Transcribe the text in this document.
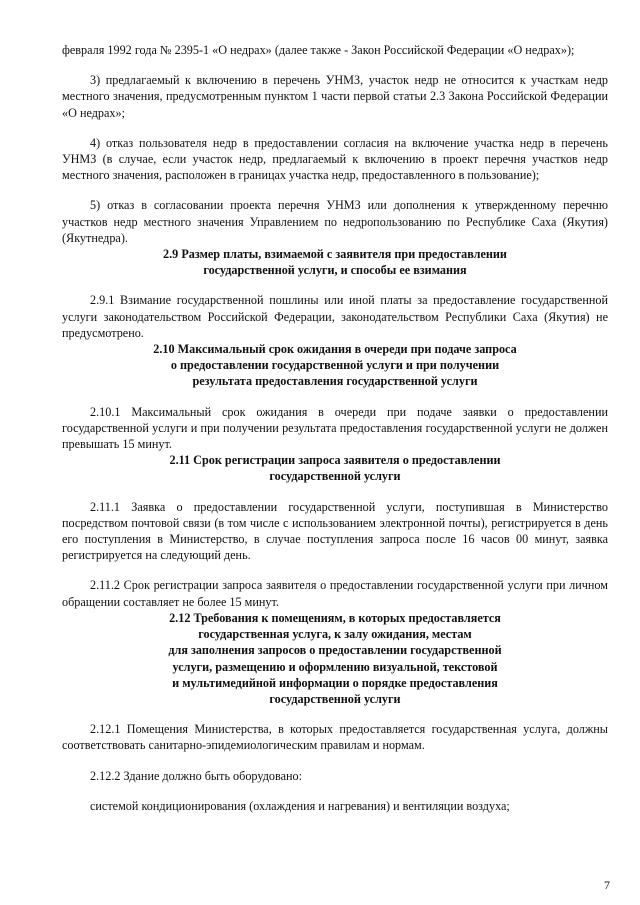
февраля 1992 года № 2395-1 «О недрах» (далее также - Закон Российской Федерации «О недрах»);

3) предлагаемый к включению в перечень УНМЗ, участок недр не относится к участкам недр местного значения, предусмотренным пунктом 1 части первой статьи 2.3 Закона Российской Федерации «О недрах»;

4) отказ пользователя недр в предоставлении согласия на включение участка недр в перечень УНМЗ (в случае, если участок недр, предлагаемый к включению в проект перечня участков недр местного значения, расположен в границах участка недр, предоставленного в пользование);

5) отказ в согласовании проекта перечня УНМЗ или дополнения к утвержденному перечню участков недр местного значения Управлением по недропользованию по Республике Саха (Якутия) (Якутнедра).

2.9 Размер платы, взимаемой с заявителя при предоставлении
государственной услуги, и способы ее взимания

2.9.1 Взимание государственной пошлины или иной платы за предоставление государственной услуги законодательством Российской Федерации, законодательством Республики Саха (Якутия) не предусмотрено.

2.10 Максимальный срок ожидания в очереди при подаче запроса
о предоставлении государственной услуги и при получении
результата предоставления государственной услуги

2.10.1 Максимальный срок ожидания в очереди при подаче заявки о предоставлении государственной услуги и при получении результата предоставления государственной услуги не должен превышать 15 минут.

2.11 Срок регистрации запроса заявителя о предоставлении
государственной услуги

2.11.1 Заявка о предоставлении государственной услуги, поступившая в Министерство посредством почтовой связи (в том числе с использованием электронной почты), регистрируется в день его поступления в Министерство, в случае поступления запроса после 16 часов 00 минут, заявка регистрируется на следующий день.

2.11.2 Срок регистрации запроса заявителя о предоставлении государственной услуги при личном обращении составляет не более 15 минут.

2.12 Требования к помещениям, в которых предоставляется
государственная услуга, к залу ожидания, местам
для заполнения запросов о предоставлении государственной
услуги, размещению и оформлению визуальной, текстовой
и мультимедийной информации о порядке предоставления
государственной услуги

2.12.1 Помещения Министерства, в которых предоставляется государственная услуга, должны соответствовать санитарно-эпидемиологическим правилам и нормам.

2.12.2 Здание должно быть оборудовано:

системой кондиционирования (охлаждения и нагревания) и вентиляции воздуха;

7
